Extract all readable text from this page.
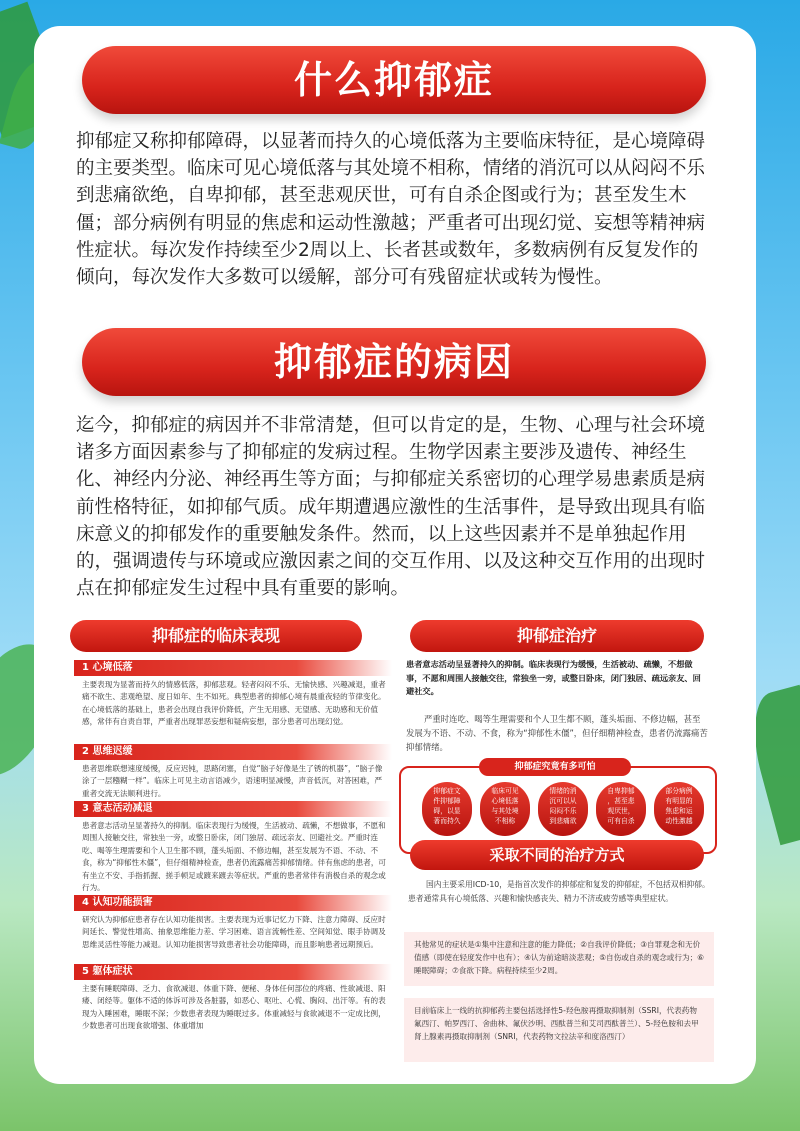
什么抑郁症
抑郁症又称抑郁障碍，以显著而持久的心境低落为主要临床特征，是心境障碍的主要类型。临床可见心境低落与其处境不相称，情绪的消沉可以从闷闷不乐到悲痛欲绝，自卑抑郁，甚至悲观厌世，可有自杀企图或行为；甚至发生木僵；部分病例有明显的焦虑和运动性激越；严重者可出现幻觉、妄想等精神病性症状。每次发作持续至少2周以上、长者甚或数年，多数病例有反复发作的倾向，每次发作大多数可以缓解，部分可有残留症状或转为慢性。
抑郁症的病因
迄今，抑郁症的病因并不非常清楚，但可以肯定的是，生物、心理与社会环境诸多方面因素参与了抑郁症的发病过程。生物学因素主要涉及遗传、神经生化、神经内分泌、神经再生等方面；与抑郁症关系密切的心理学易患素质是病前性格特征，如抑郁气质。成年期遭遇应激性的生活事件，是导致出现具有临床意义的抑郁发作的重要触发条件。然而，以上这些因素并不是单独起作用的，强调遗传与环境或应激因素之间的交互作用、以及这种交互作用的出现时点在抑郁症发生过程中具有重要的影响。
抑郁症的临床表现
1 心境低落
主要表现为显著而持久的情感低落，抑郁悲观。轻者闷闷不乐、无愉快感、兴趣减退，重者痛不欲生、悲观绝望、度日如年、生不如死。典型患者的抑郁心境有晨重夜轻的节律变化。在心境低落的基础上，患者会出现自我评价降低，产生无用感、无望感、无助感和无价值感，常伴有自责自罪，严重者出现罪恶妄想和疑病妄想，部分患者可出现幻觉。
2 思维迟缓
患者思维联想速度缓慢，反应迟钝，思路闭塞，自觉“脑子好像是生了锈的机器”，“脑子像涂了一层糨糊一样”。临床上可见主动言语减少，语速明显减慢，声音低沉，对答困难，严重者交流无法顺利进行。
3 意志活动减退
患者意志活动呈显著持久的抑制。临床表现行为缓慢，生活被动、疏懒，不想做事，不愿和周围人接触交往，常独坐一旁，或整日卧床，闭门独居、疏远亲友、回避社交。严重时连吃、喝等生理需要和个人卫生都不顾，蓬头垢面、不修边幅，甚至发展为不语、不动、不食，称为“抑郁性木僵”，但仔细精神检查，患者仍流露痛苦抑郁情绪。伴有焦虑的患者，可有坐立不安、手指抓握、搓手顿足或踱来踱去等症状。严重的患者常伴有消极自杀的观念或行为。
4 认知功能损害
研究认为抑郁症患者存在认知功能损害。主要表现为近事记忆力下降、注意力障碍、反应时间延长、警觉性增高、抽象思维能力差、学习困难、语言流畅性差、空间知觉、眼手协调及思维灵活性等能力减退。认知功能损害导致患者社会功能障碍，而且影响患者远期预后。
5 躯体症状
主要有睡眠障碍、乏力、食欲减退、体重下降、便秘、身体任何部位的疼痛、性欲减退、阳痿、闭经等。躯体不适的体诉可涉及各脏器，如恶心、呕吐、心慌、胸闷、出汗等。有的表现为入睡困难，睡眠不深；少数患者表现为睡眠过多。体重减轻与食欲减退不一定成比例，少数患者可出现食欲增强、体重增加
抑郁症治疗
患者意志活动呈显著持久的抑制。临床表现行为缓慢，生活被动、疏懒，不想做事，不愿和周围人接触交往，常独坐一旁，或整日卧床，闭门独居、疏远亲友、回避社交。
严重时连吃、喝等生理需要和个人卫生都不顾，蓬头垢面、不修边幅，甚至发展为不语、不动、不食，称为“抑郁性木僵”，但仔细精神检查，患者仍流露痛苦抑郁情绪。
抑郁症究竟有多可怕
抑郁症文
件抑郁障
碍，以显
著而持久
临床可见
心境低落
与其处境
不相称
情绪的消
沉可以从
闷闷不乐
到悲痛欲
自卑抑郁
，甚至悲
观厌世，
可有自杀
部分病例
有明显的
焦虑和运
动性激越
采取不同的治疗方式
国内主要采用ICD-10，是指首次发作的抑郁症和复发的抑郁症，不包括双相抑郁。患者通常具有心境低落、兴趣和愉快感丧失、精力不济或疲劳感等典型症状。
其他常见的症状是①集中注意和注意的能力降低；②自我评价降低；③自罪观念和无价值感（即使在轻度发作中也有）；④认为前途暗淡悲观；⑤自伤或自杀的观念或行为；⑥睡眠障碍；⑦食欲下降。病程持续至少2周。
目前临床上一线的抗抑郁药主要包括选择性5-羟色胺再摄取抑制剂（SSRI，代表药物氟西汀、帕罗西汀、舍曲林、氟伏沙明、西酞普兰和艾司西酞普兰）、5-羟色胺和去甲肾上腺素再摄取抑制剂（SNRI，代表药物文拉法辛和度洛西汀）
